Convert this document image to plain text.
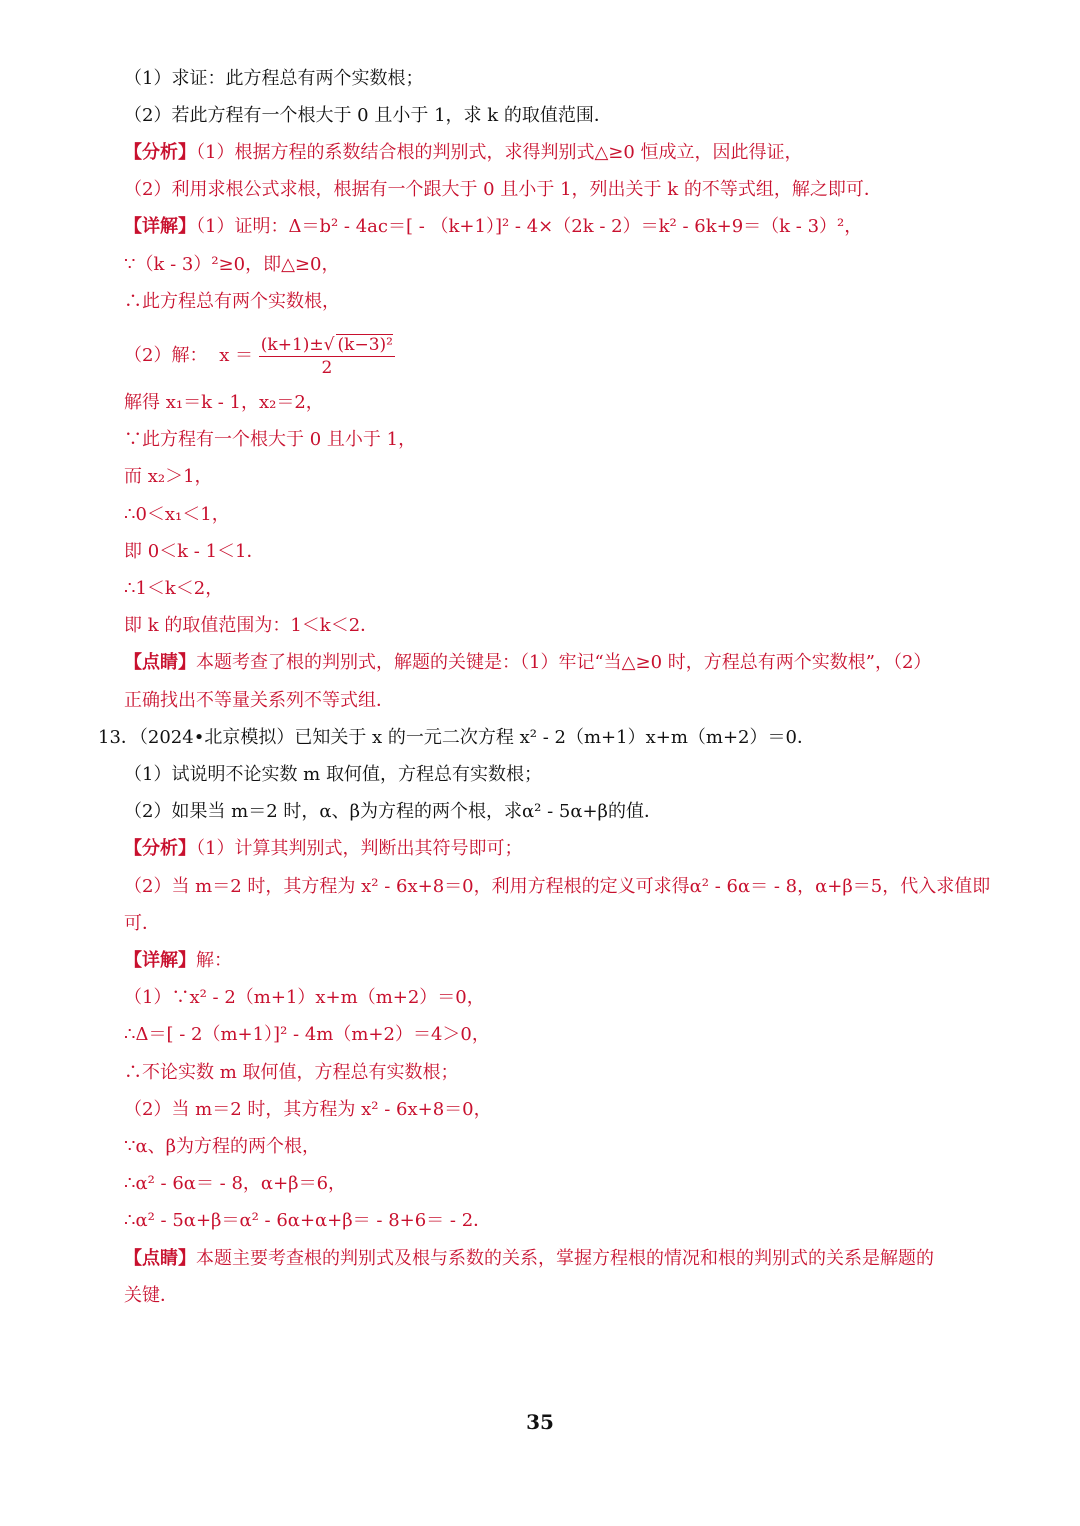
（1）求证：此方程总有两个实数根；
（2）若此方程有一个根大于 0 且小于 1，求 k 的取值范围．
【分析】（1）根据方程的系数结合根的判别式，求得判别式△≥0 恒成立，因此得证，
（2）利用求根公式求根，根据有一个跟大于 0 且小于 1，列出关于 k 的不等式组，解之即可．
【详解】（1）证明：Δ＝b² - 4ac＝[ - （k+1）]² - 4×（2k - 2）＝k² - 6k+9＝（k - 3）²，
∵（k - 3）²≥0，即△≥0，
∴此方程总有两个实数根，
（2）解： $x = \frac{\text{(k+1)±√ (k−3)²}}{2}$
解得 x₁＝k - 1，x₂＝2，
∵此方程有一个根大于 0 且小于 1，
而 x₂＞1，
∴0＜x₁＜1，
即 0＜k - 1＜1．
∴1＜k＜2，
即 k 的取值范围为：1＜k＜2．
【点睛】本题考查了根的判别式，解题的关键是：（1）牢记“当△≥0 时，方程总有两个实数根”，（2）
正确找出不等量关系列不等式组．
13．（2024•北京模拟）已知关于 x 的一元二次方程 x² - 2（m+1）x+m（m+2）＝0．
（1）试说明不论实数 m 取何值，方程总有实数根；
（2）如果当 m＝2 时，α、β为方程的两个根，求α² - 5α+β的值．
【分析】（1）计算其判别式，判断出其符号即可；
（2）当 m＝2 时，其方程为 x² - 6x+8＝0，利用方程根的定义可求得α² - 6α＝ - 8，α+β＝5，代入求值即
可．
【详解】解：
（1）∵x² - 2（m+1）x+m（m+2）＝0，
∴Δ＝[ - 2（m+1）]² - 4m（m+2）＝4＞0，
∴不论实数 m 取何值，方程总有实数根；
（2）当 m＝2 时，其方程为 x² - 6x+8＝0，
∵α、β为方程的两个根，
∴α² - 6α＝ - 8，α+β＝6，
∴α² - 5α+β＝α² - 6α+α+β＝ - 8+6＝ - 2．
【点睛】本题主要考查根的判别式及根与系数的关系，掌握方程根的情况和根的判别式的关系是解题的
关键．
35
